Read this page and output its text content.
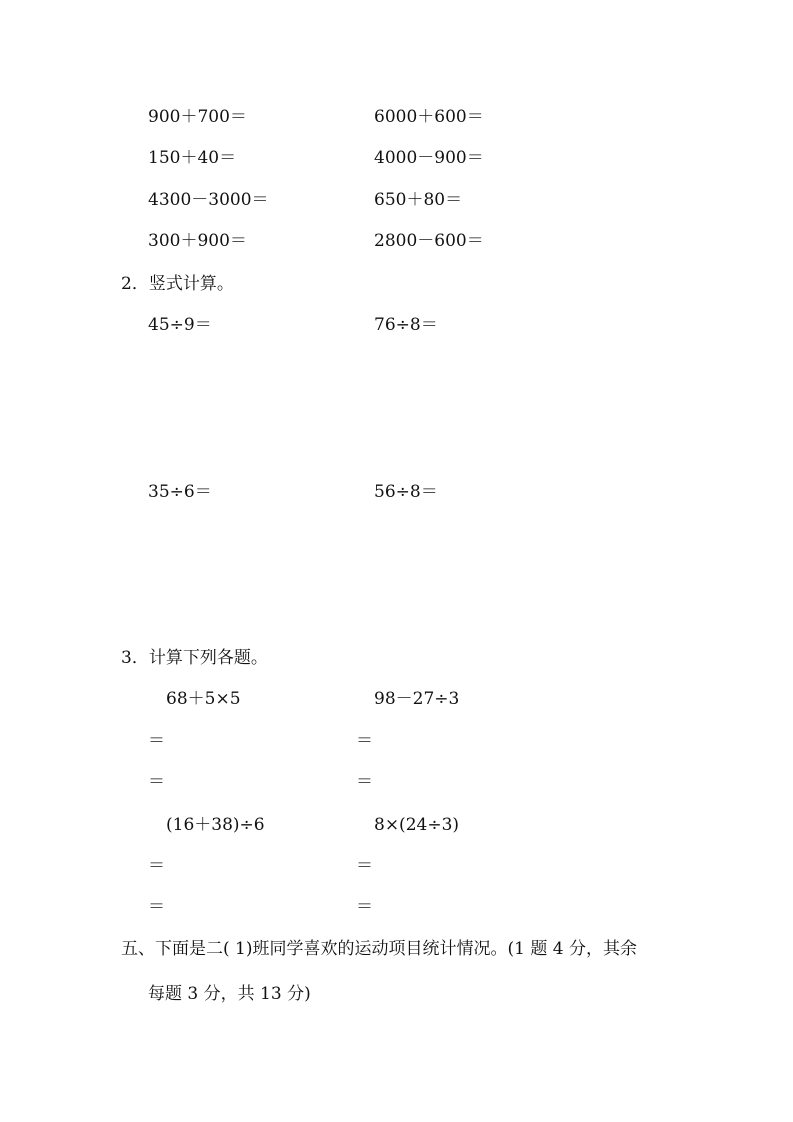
900＋700＝	6000＋600＝
150＋40＝	4000－900＝
4300－3000＝	650＋80＝
300＋900＝	2800－600＝
2．竖式计算。
45÷9＝	76÷8＝
35÷6＝	56÷8＝
3．计算下列各题。
68＋5×5	98－27÷3
＝	＝
＝	＝
(16＋38)÷6	8×(24÷3)
＝	＝
＝	＝
五、下面是二( 1)班同学喜欢的运动项目统计情况。(1 题 4 分，其余
每题 3 分，共 13 分)
